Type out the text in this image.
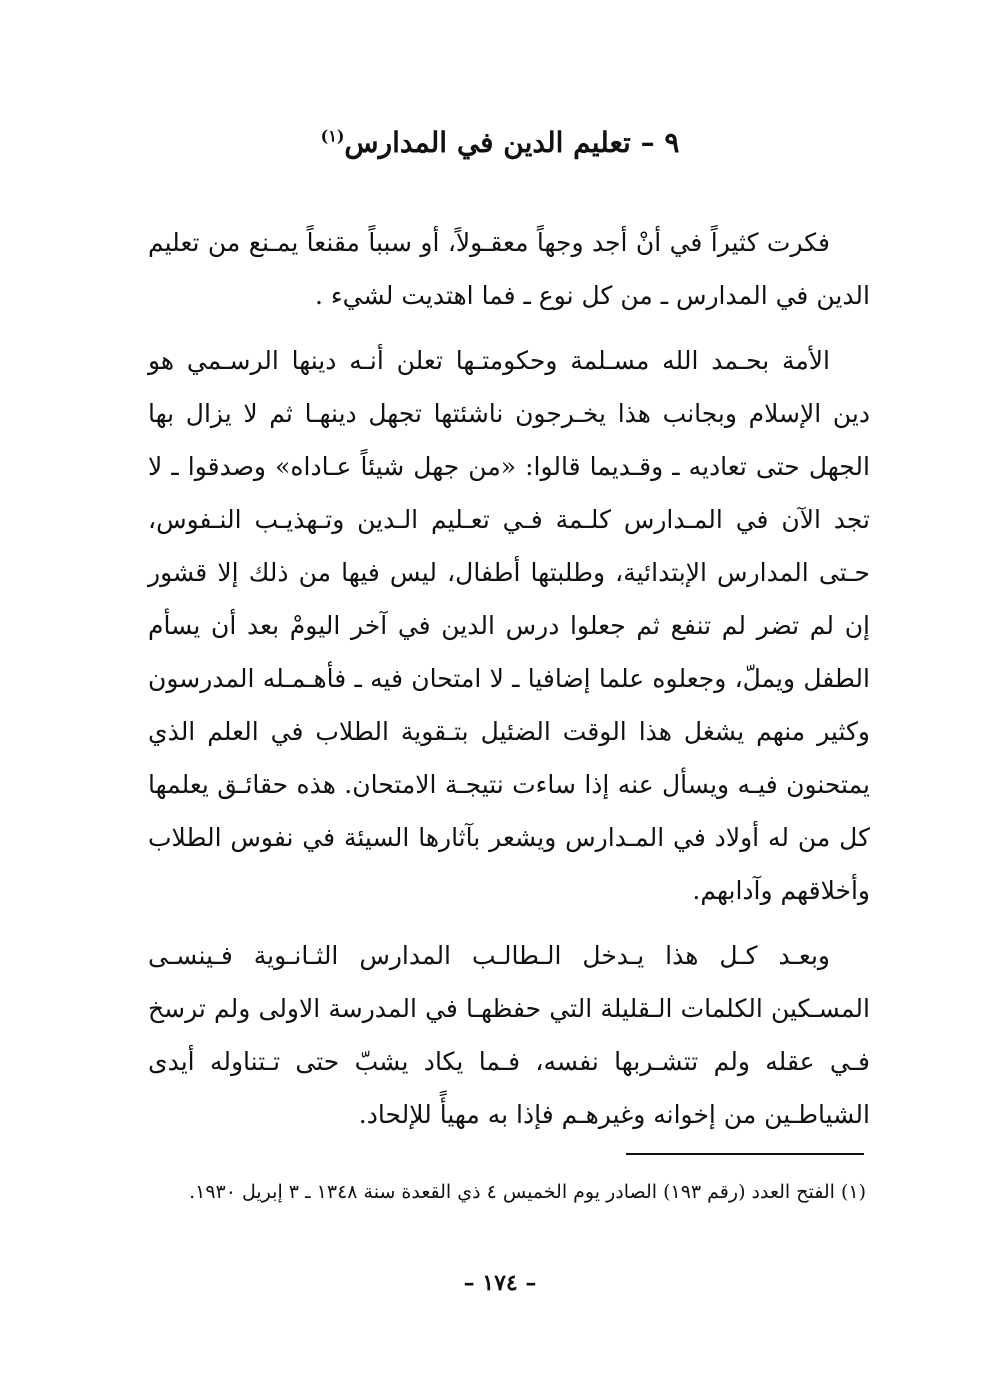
٩ – تعليم الدين في المدارس$^{(١)}$

فكرت كثيراً في أنْ أجد وجهاً معقـولاً، أو سبباً مقنعاً يمـنع من تعليم الدين في المدارس ـ من كل نوع ـ فما اهتديت لشيء .

الأمة بحـمد الله مسـلمة وحكومتـها تعلن أنـه دينها الرسـمي هو دين الإسلام وبجانب هذا يخـرجون ناشئتها تجهل دينهـا ثم لا يزال بها الجهل حتى تعاديه ـ وقـديما قالوا: «من جهل شيئاً عـاداه» وصدقوا ـ لا تجد الآن في المـدارس كلـمة فـي تعـليم الـدين وتـهذيـب النـفوس، حـتى المدارس الإبتدائية، وطلبتها أطفال، ليس فيها من ذلك إلا قشور إن لم تضر لم تنفع ثم جعلوا درس الدين في آخر اليومْ بعد أن يسأم الطفل ويملّ، وجعلوه علما إضافيا ـ لا امتحان فيه ـ فأهـمـله المدرسون وكثير منهم يشغل هذا الوقت الضئيل بتـقوية الطلاب في العلم الذي يمتحنون فيـه ويسأل عنه إذا ساءت نتيجـة الامتحان. هذه حقائـق يعلمها كل من له أولاد في المـدارس ويشعر بآثارها السيئة في نفوس الطلاب وأخلاقهم وآدابهم.

وبعـد كـل هذا يـدخل الـطالـب المدارس الثـانـوية فـينسـى المسـكين الكلمات الـقليلة التي حفظهـا في المدرسة الاولى ولم ترسخ فـي عقله ولم تتشـربها نفسه، فـما يكاد يشبّ حتى تـتناوله أيدى الشياطـين من إخوانه وغيرهـم فإذا به مهيأً للإلحاد.

(١) الفتح العدد (رقم ١٩٣) الصادر يوم الخميس ٤ ذي القعدة سنة ١٣٤٨ ـ ٣ إبريل ١٩٣٠.
– ١٧٤ –
